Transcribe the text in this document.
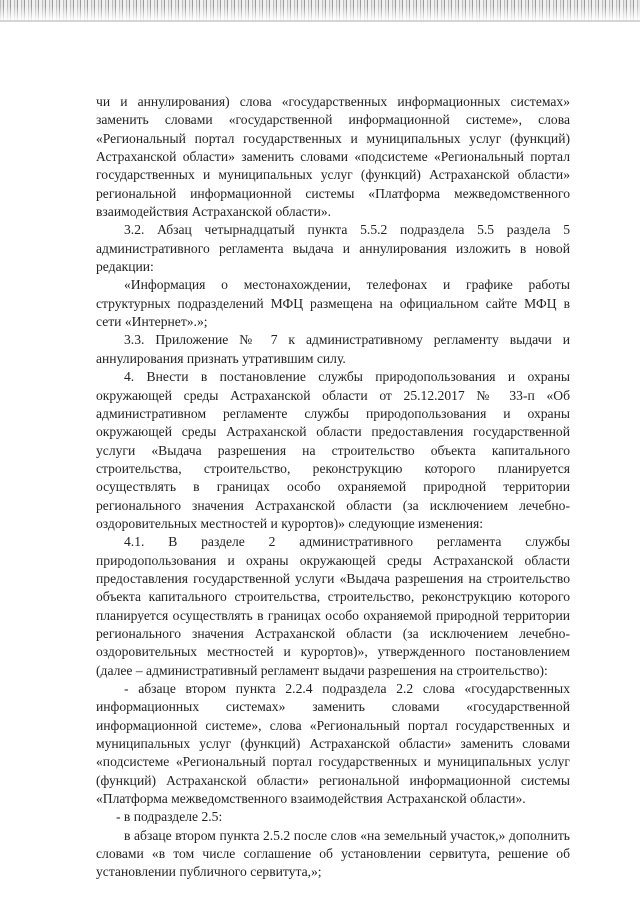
чи и аннулирования) слова «государственных информационных системах» заменить словами «государственной информационной системе», слова «Региональный портал государственных и муниципальных услуг (функций) Астраханской области» заменить словами «подсистеме «Региональный портал государственных и муниципальных услуг (функций) Астраханской области» региональной информационной системы «Платформа межведомственного взаимодействия Астраханской области».

3.2. Абзац четырнадцатый пункта 5.5.2 подраздела 5.5 раздела 5 административного регламента выдача и аннулирования изложить в новой редакции:

«Информация о местонахождении, телефонах и графике работы структурных подразделений МФЦ размещена на официальном сайте МФЦ в сети «Интернет».»;

3.3. Приложение № 7 к административному регламенту выдачи и аннулирования признать утратившим силу.

4. Внести в постановление службы природопользования и охраны окружающей среды Астраханской области от 25.12.2017 № 33-п «Об административном регламенте службы природопользования и охраны окружающей среды Астраханской области предоставления государственной услуги «Выдача разрешения на строительство объекта капитального строительства, строительство, реконструкцию которого планируется осуществлять в границах особо охраняемой природной территории регионального значения Астраханской области (за исключением лечебно-оздоровительных местностей и курортов)» следующие изменения:

4.1. В разделе 2 административного регламента службы природопользования и охраны окружающей среды Астраханской области предоставления государственной услуги «Выдача разрешения на строительство объекта капитального строительства, строительство, реконструкцию которого планируется осуществлять в границах особо охраняемой природной территории регионального значения Астраханской области (за исключением лечебно-оздоровительных местностей и курортов)», утвержденного постановлением (далее – административный регламент выдачи разрешения на строительство):

- абзаце втором пункта 2.2.4 подраздела 2.2 слова «государственных информационных системах» заменить словами «государственной информационной системе», слова «Региональный портал государственных и муниципальных услуг (функций) Астраханской области» заменить словами «подсистеме «Региональный портал государственных и муниципальных услуг (функций) Астраханской области» региональной информационной системы «Платформа межведомственного взаимодействия Астраханской области».

- в подразделе 2.5:

в абзаце втором пункта 2.5.2 после слов «на земельный участок,» дополнить словами «в том числе соглашение об установлении сервитута, решение об установлении публичного сервитута,»;
